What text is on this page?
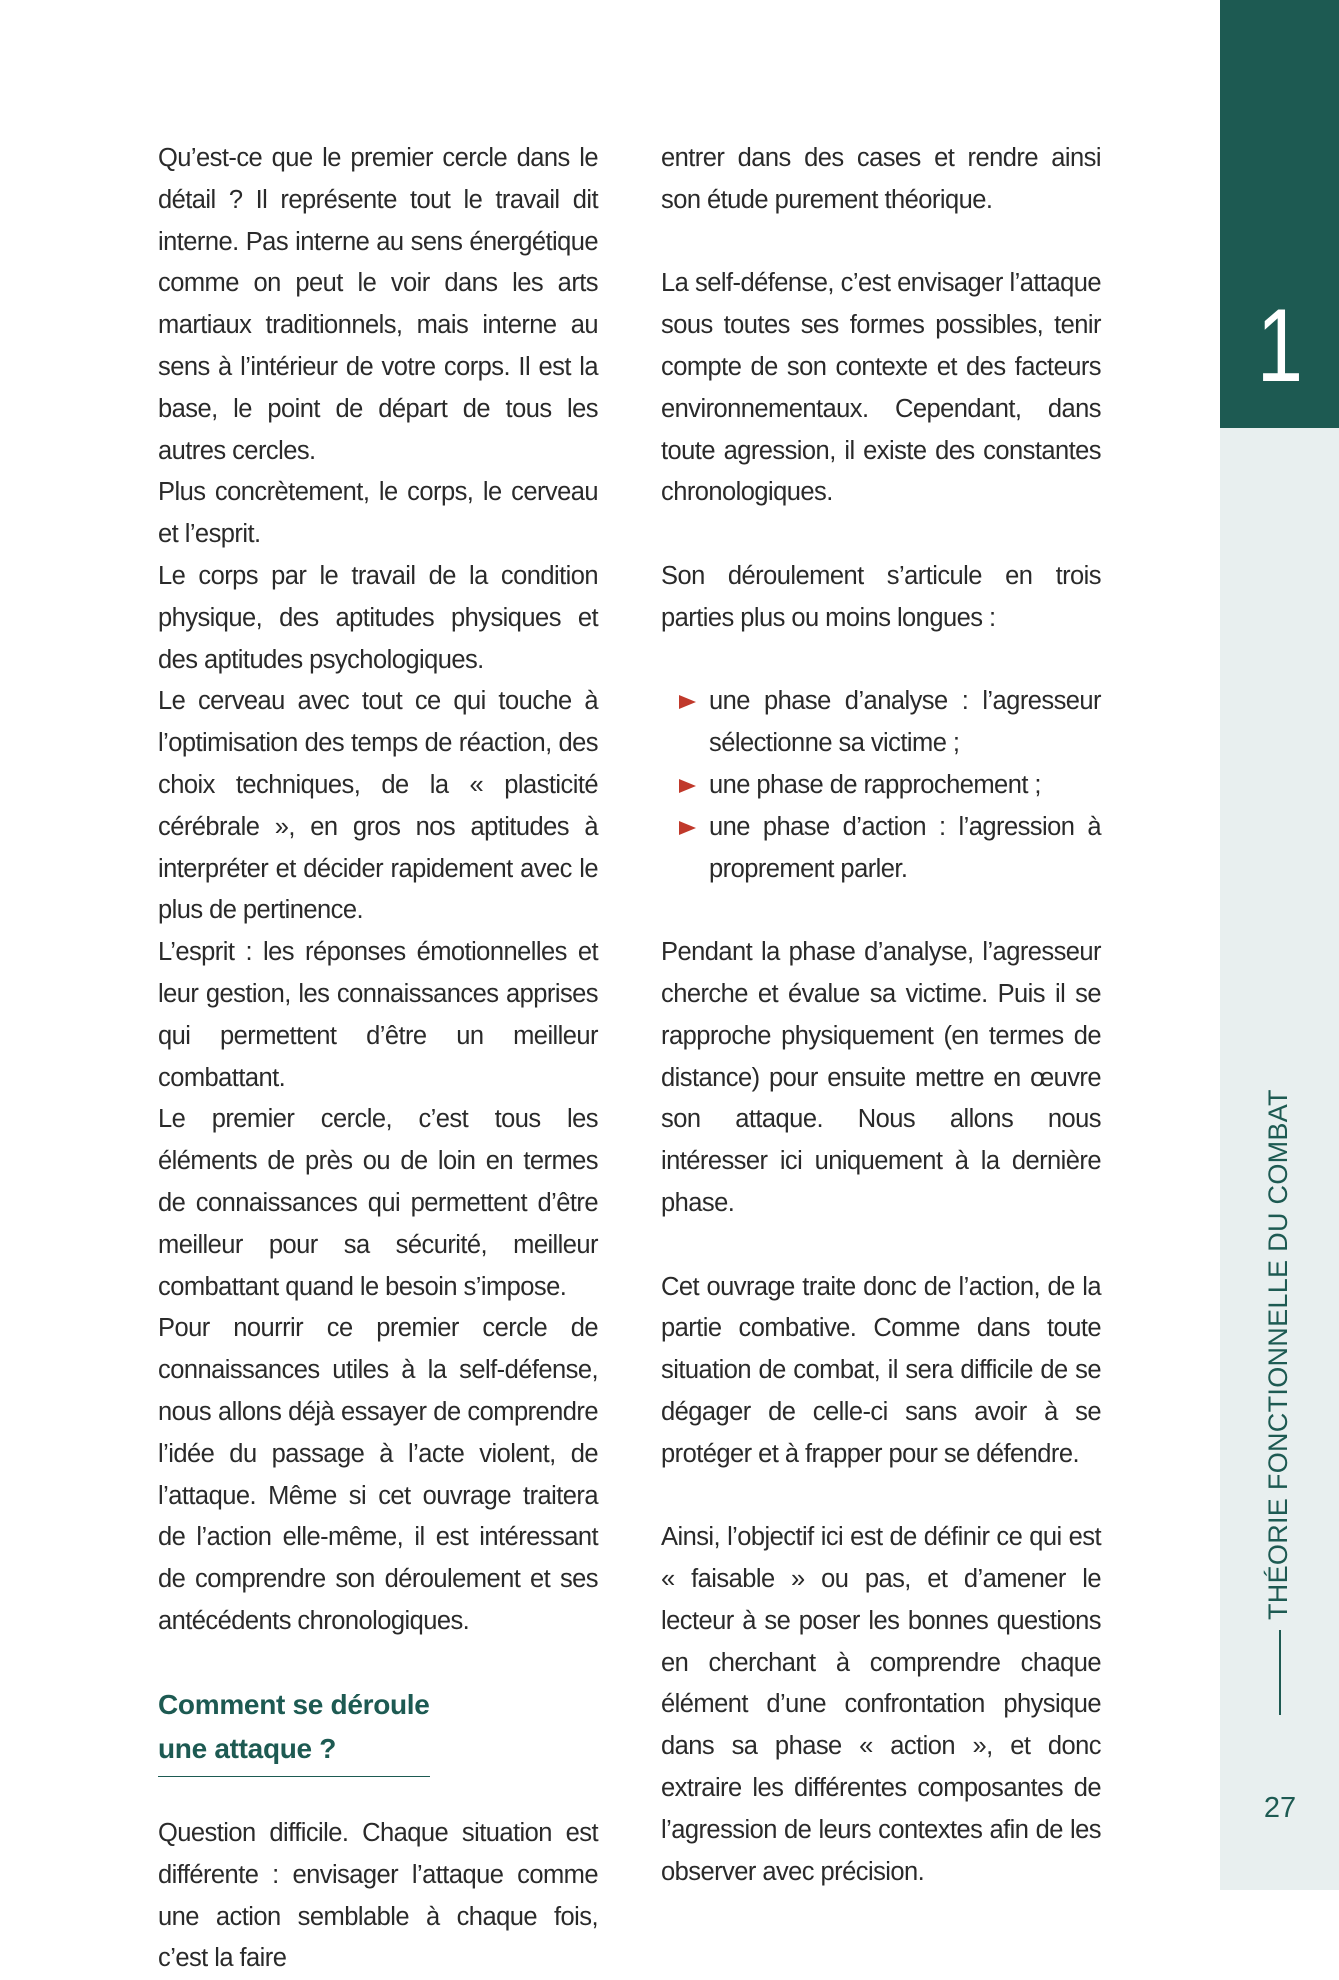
1
THÉORIE FONCTIONNELLE DU COMBAT
27

Qu’est-ce que le premier cercle dans le détail ? Il représente tout le travail dit interne. Pas interne au sens énergétique comme on peut le voir dans les arts martiaux traditionnels, mais interne au sens à l’intérieur de votre corps. Il est la base, le point de départ de tous les autres cercles.

Plus concrètement, le corps, le cerveau et l’esprit.

Le corps par le travail de la condition physique, des aptitudes physiques et des aptitudes psychologiques.

Le cerveau avec tout ce qui touche à l’optimisation des temps de réaction, des choix techniques, de la « plasticité cérébrale », en gros nos aptitudes à interpréter et décider rapidement avec le plus de pertinence.

L’esprit : les réponses émotionnelles et leur gestion, les connaissances apprises qui permettent d’être un meilleur combattant.

Le premier cercle, c’est tous les éléments de près ou de loin en termes de connaissances qui permettent d’être meilleur pour sa sécurité, meilleur combattant quand le besoin s’impose.

Pour nourrir ce premier cercle de connaissances utiles à la self-défense, nous allons déjà essayer de comprendre l’idée du passage à l’acte violent, de l’attaque. Même si cet ouvrage traitera de l’action elle-même, il est intéressant de comprendre son déroulement et ses antécédents chronologiques.

Comment se déroule
une attaque ?

Question difficile. Chaque situation est différente : envisager l’attaque comme une action semblable à chaque fois, c’est la faire

entrer dans des cases et rendre ainsi son étude purement théorique.

La self-défense, c’est envisager l’attaque sous toutes ses formes possibles, tenir compte de son contexte et des facteurs environnementaux. Cependant, dans toute agression, il existe des constantes chronologiques.

Son déroulement s’articule en trois parties plus ou moins longues :

une phase d’analyse : l’agresseur sélectionne sa victime ;
une phase de rapprochement ;
une phase d’action : l’agression à proprement parler.

Pendant la phase d’analyse, l’agresseur cherche et évalue sa victime. Puis il se rapproche physiquement (en termes de distance) pour ensuite mettre en œuvre son attaque. Nous allons nous intéresser ici uniquement à la dernière phase.

Cet ouvrage traite donc de l’action, de la partie combative. Comme dans toute situation de combat, il sera difficile de se dégager de celle-ci sans avoir à se protéger et à frapper pour se défendre.

Ainsi, l’objectif ici est de définir ce qui est « faisable » ou pas, et d’amener le lecteur à se poser les bonnes questions en cherchant à comprendre chaque élément d’une confrontation physique dans sa phase « action », et donc extraire les différentes composantes de l’agression de leurs contextes afin de les observer avec précision.
